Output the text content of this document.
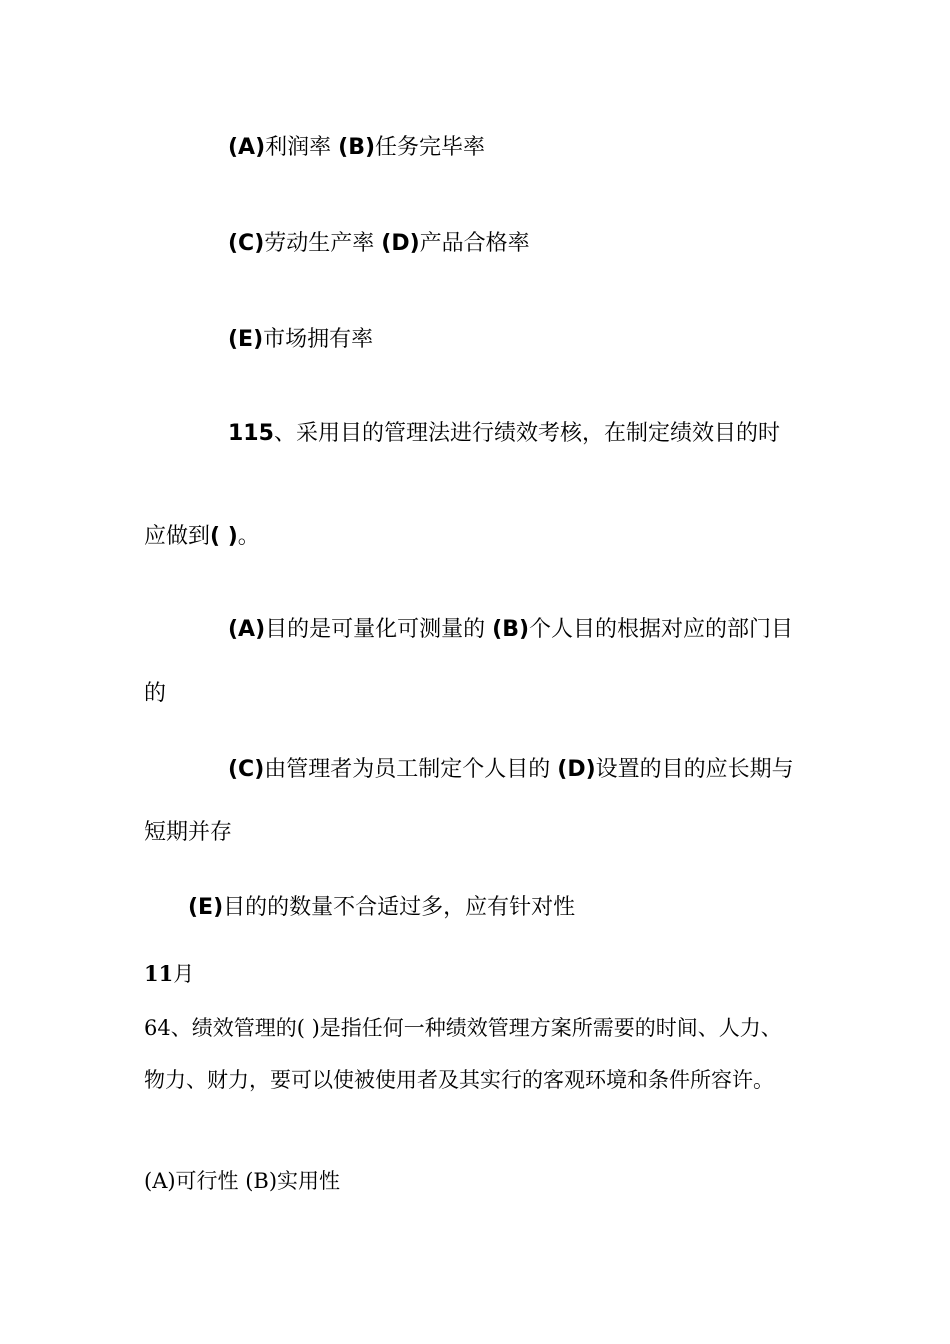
(A)利润率 (B)任务完毕率
(C)劳动生产率 (D)产品合格率
(E)市场拥有率
115、采用目的管理法进行绩效考核，在制定绩效目的时
应做到( )。
(A)目的是可量化可测量的 (B)个人目的根据对应的部门目
的
(C)由管理者为员工制定个人目的 (D)设置的目的应长期与
短期并存
(E)目的的数量不合适过多，应有针对性
11月
64、绩效管理的( )是指任何一种绩效管理方案所需要的时间、人力、
物力、财力，要可以使被使用者及其实行的客观环境和条件所容许。
(A)可行性 (B)实用性
